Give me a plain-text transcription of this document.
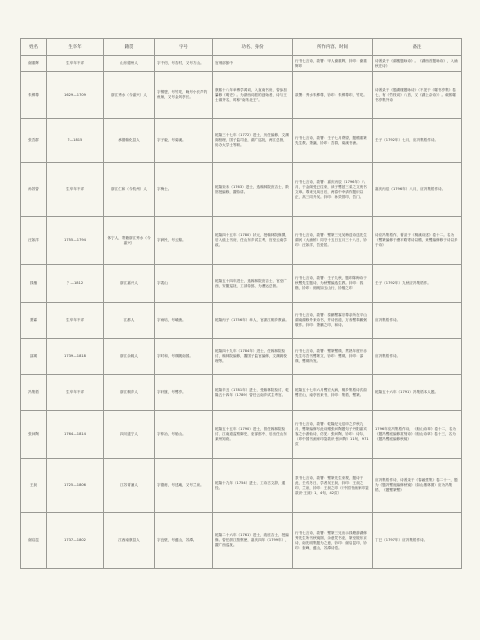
姓名	生卒年	籍贯	字号	功名、身份	所作内容、时间	备注
谢重辉	生卒年不详	山东德州人	字千仞，号杏村，又号方山。	官刑部郎中	行书七言诗，款署：甲人谢重辉，钤印：谢重辉印	诗著录于《湖楼题咏诗》。《湖西首题咏诗》，入诵秋庄诗》
朱彝尊	1629—1709	浙江秀水（今嘉兴）人	字锡鬯，号竹垞，晚号小长芦钓鱼师，又号金风亭长。	康熙十八年举博学鸿词，入直南书房，曾参加纂修《明史》。为浙西词派的创始者，诗与王士禛齐名，时称“南朱北王”。	款署：秀水朱彝尊，钤印：朱彝尊印，竹垞。	诗著录于《题湖楼题咏诗》（不见于《曝书亭集》卷七，有《竹枝词》八首，又《湖上杂诗》）。载郭曝书亭集外诗
张吾群	?—1815	承德翰化县人	字子毅，号菊溪。	乾隆三十七年（1772）进士，历任编修、文渊阁校理，国子监司业，湖广巡抚，两江总督，协办大学士等职。	行书七言诗，款署：壬子七月朔望，题赠重篆先生教。萧瀛，钤印：吾群，菊溪书斋。	壬子（1792年）七月，应冯集梧作诗。
孙效曾	生卒年不详	浙江仁和（今杭州）人	字梅士。	乾隆癸未（1763）进士，选翰林院庶吉士，散馆授编修，擢侍讲。	行书七言诗，款署：嘉庆丙辰（1796年）八月，于金阁受已往来，读子鹭兹三弟之文贵书文章。尊来兄凤日后，两春中幸请作题识以正，高三同升吴。钤印：孙效曾印，吾门。	嘉庆丙辰（1796年）八月，应冯集梧作诗。
汪如洋	1755—1794	休宁人，寄籍浙江秀水（今嘉兴）	字润民，号云壑。	乾隆四十五年（1780）状元，授翰林院修撰，后入值上书房，任山东乡试主考，官至云南学政。	行书七言诗，款署：鹭篆三兄吴梅送诗送先生湖河（大涌桥）同守十五日五月三十八日，钤印：汪如洋，吾爱居。	诗应冯集梧作，著录于《桐溪诗述》卷十二。名为《鹭篆编修于漕平路寄诗以赠，来鹭编修修于诗以多于诗》
钱楷	？—1812	浙江嘉兴人	字裴山	乾隆五十四年进士，选翰林院庶吉士，官至广西，安徽巡抚，工部侍郎，为漕运总督。	行书七言诗，款署：壬子九秋，题印陈梅诗于秋鹭先生题诗，为秋鹭编选生教。钤印：钱楷，钤印：朗朗如玉山行，钤楷之印	壬子（1792年）九秋应冯集梧作。
萧霖	生卒年不详	江都人	字雨培，号峨渔。	乾隆丙子（1756年）举人，官浙江桐乡教谕。	行书七言诗，款署：泰鹏鹭霖宗尊亲所在平山湖南湖修外来诗书，并诗晋道，万寿鹭奉鹏弼敬作。钤印：萧鹏之印，和诗。	应冯集梧作诗。
邵瑛	1739—1818	浙江余姚人	字时和，号瑛眺南园。	乾隆四十九年（1784年）进士，任翰林院检讨，翰林院编修，擢国子监官编修，文渊阁校理等。	行书七言诗，款署：鹭篆鹭瑛，贯熟年度开赤先生尽吾书鹭篆文，钤印：鹭瑛，钤印：邵瑛，鹭瑛所发。	应冯集梧作诗。
冯集梧	生卒年不详	浙江桐乡人	字轩箧，号鹭亭。	乾隆辛丑（1781年）进士，受翰林院检讨，乾隆五十四年（1789）曾任云南乡试主考官。	乾隆五十七年六月鹭宏大病，桐乡集梧诗次韵鹭宏山，南亭晋来书，钤印：集梧，鹭篆。	乾隆五十六年（1791）冯集梧本人题。
张问陶	1764—1814	四川遂宁人	字仲冶，号船山。	乾隆五十五年（1790）进士，曾任翰林院检讨、江南道监察御史，吏部郎中、后出任山东莱州知府。	行书七言诗，款署：乾隆纪元辰申之岁秋九月，鹭篆编修写此诗赠张问陶题句子丹阳嘉宾客之小游仙诗，仿见：张问陶，钤印：诗尔，（印中国书画家印鉴款识·张问陶）11旬，971页	1796年应冯集梧作诗，《船山诗草》卷十二，名为《题冯鹭庭编修赏刻诗》《船山诗草》卷十三，名为《题冯鹭庭编修秋镜》
王昶	1725—1806	江苏青浦人	字德甫，号述庵，又号兰泉。	乾隆十九年（1754）进士，工诗古文辞，通经。	隶书七言诗，款署：鹭篆先生来观，题诗于此，壬戌冬日，学者吴王昶，钤印：王昶之印，兰泉，钤印：王昶之印（《中国书画家印鉴款识·王昶》1，4旬，42页）	应冯集梧作诗，诗著录于《春融堂集》卷二十一，题为《题冯鹭庭编修秋镜》（如山墨林图）应为冯集梧，《题鹭篆鹭》
谢启昆	1737—1802	江西南康县人	字良壁，号蕴山，苏潭。	乾隆二十六年（1761）进士，改庶吉士，授编修。曾任浙江按察使，嘉庆四年（1799年），擢广西巡抚。	行书七言诗，款署：鹭篆三兄出示钱塘游湖修秀先生所书秋镜图，余意凭书吏，篆至陵东京诗，南先明集题为之意，钤印：谢启昆印，钤印：奎峰，蕴山，苏潭诗语。	丁巳（1797年）应冯集梧作诗。
